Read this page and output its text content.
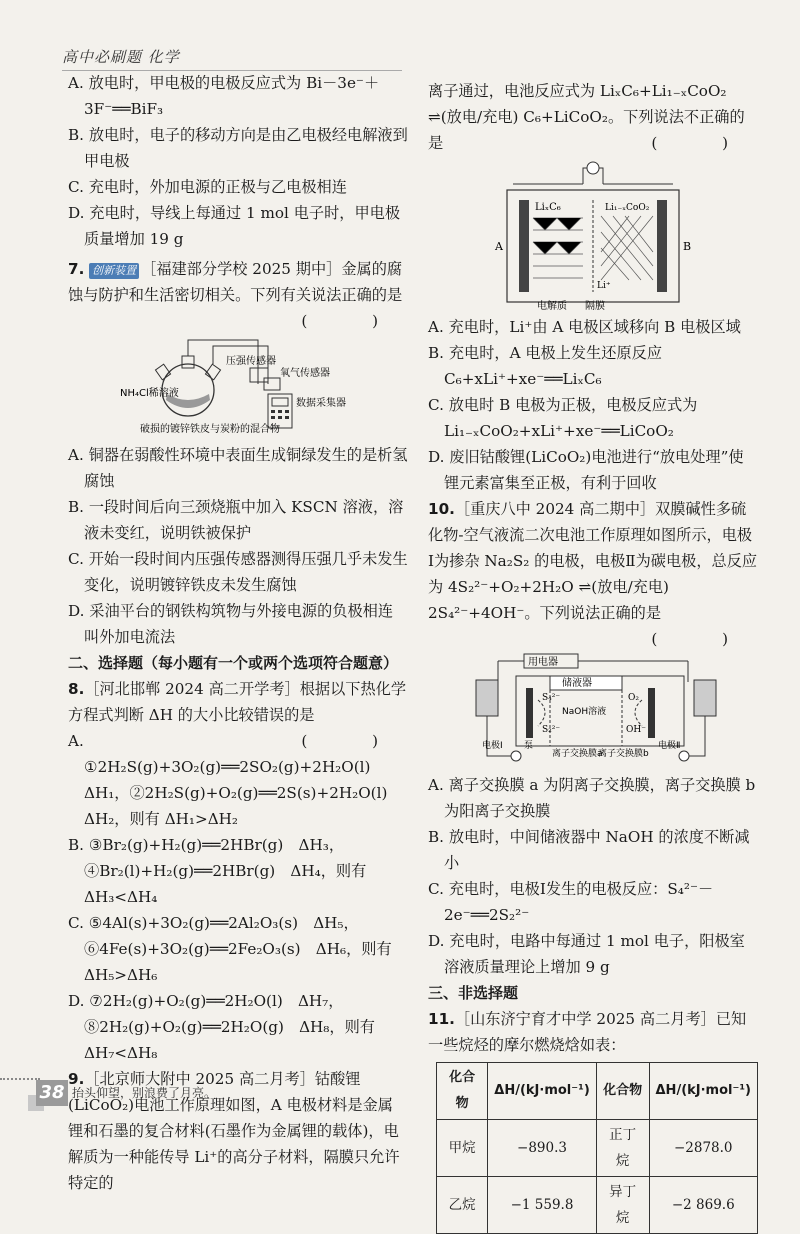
高中必刷题 化学

A. 放电时，甲电极的电极反应式为 Bi－3e⁻＋3F⁻══BiF₃

B. 放电时，电子的移动方向是由乙电极经电解液到甲电极

C. 充电时，外加电源的正极与乙电极相连

D. 充电时，导线上每通过 1 mol 电子时，甲电极质量增加 19 g

7. 创新装置 ［福建部分学校 2025 期中］金属的腐蚀与防护和生活密切相关。下列有关说法正确的是
( )

压强传感器
氧气传感器
NH₄Cl稀溶液
数据采集器
破损的镀锌铁皮与炭粉的混合物

A. 铜器在弱酸性环境中表面生成铜绿发生的是析氢腐蚀

B. 一段时间后向三颈烧瓶中加入 KSCN 溶液，溶液未变红，说明铁被保护

C. 开始一段时间内压强传感器测得压强几乎未发生变化，说明镀锌铁皮未发生腐蚀

D. 采油平台的钢铁构筑物与外接电源的负极相连叫外加电流法

二、选择题（每小题有一个或两个选项符合题意）

8.［河北邯郸 2024 高二开学考］根据以下热化学方程式判断 ΔH 的大小比较错误的是
( )

A. ①2H₂S(g)+3O₂(g)══2SO₂(g)+2H₂O(l)　ΔH₁，②2H₂S(g)+O₂(g)══2S(s)+2H₂O(l)　ΔH₂，则有 ΔH₁>ΔH₂

B. ③Br₂(g)+H₂(g)══2HBr(g)　ΔH₃，④Br₂(l)+H₂(g)══2HBr(g)　ΔH₄，则有 ΔH₃<ΔH₄

C. ⑤4Al(s)+3O₂(g)══2Al₂O₃(s)　ΔH₅，⑥4Fe(s)+3O₂(g)══2Fe₂O₃(s)　ΔH₆，则有 ΔH₅>ΔH₆

D. ⑦2H₂(g)+O₂(g)══2H₂O(l)　ΔH₇，⑧2H₂(g)+O₂(g)══2H₂O(g)　ΔH₈，则有 ΔH₇<ΔH₈

9.［北京师大附中 2025 高二月考］钴酸锂(LiCoO₂)电池工作原理如图，A 电极材料是金属锂和石墨的复合材料(石墨作为金属锂的载体)，电解质为一种能传导 Li⁺的高分子材料，隔膜只允许特定的

离子通过，电池反应式为 LiₓC₆+Li₁₋ₓCoO₂ ⇌(放电/充电) C₆+LiCoO₂。下列说法不正确的是	( )

LiₓC₆	Li₁₋ₓCoO₂
A	B
Li⁺
电解质 隔膜

A. 充电时，Li⁺由 A 电极区域移向 B 电极区域

B. 充电时，A 电极上发生还原反应 C₆+xLi⁺+xe⁻══LiₓC₆

C. 放电时 B 电极为正极，电极反应式为 Li₁₋ₓCoO₂+xLi⁺+xe⁻══LiCoO₂

D. 废旧钴酸锂(LiCoO₂)电池进行“放电处理”使锂元素富集至正极，有利于回收

10.［重庆八中 2024 高二期中］双膜碱性多硫化物-空气液流二次电池工作原理如图所示，电极Ⅰ为掺杂 Na₂S₂ 的电极，电极Ⅱ为碳电极，总反应为 4S₂²⁻+O₂+2H₂O ⇌(放电/充电) 2S₄²⁻+4OH⁻。下列说法正确的是
( )

用电器
储液器
S₄²⁻
S₂²⁻
NaOH溶液
O₂
OH⁻
电极Ⅰ 泵
离子交换膜a
离子交换膜b
电极Ⅱ

A. 离子交换膜 a 为阴离子交换膜，离子交换膜 b 为阳离子交换膜

B. 放电时，中间储液器中 NaOH 的浓度不断减小

C. 充电时，电极Ⅰ发生的电极反应：S₄²⁻－2e⁻══2S₂²⁻

D. 充电时，电路中每通过 1 mol 电子，阳极室溶液质量理论上增加 9 g

三、非选择题

11.［山东济宁育才中学 2025 高二月考］已知一些烷烃的摩尔燃烧焓如表：

化合物	ΔH/(kJ·mol⁻¹)	化合物	ΔH/(kJ·mol⁻¹)
甲烷	−890.3	正丁烷	−2878.0
乙烷	−1 559.8	异丁烷	−2 869.6
38 抬头仰望，别浪费了月亮。
